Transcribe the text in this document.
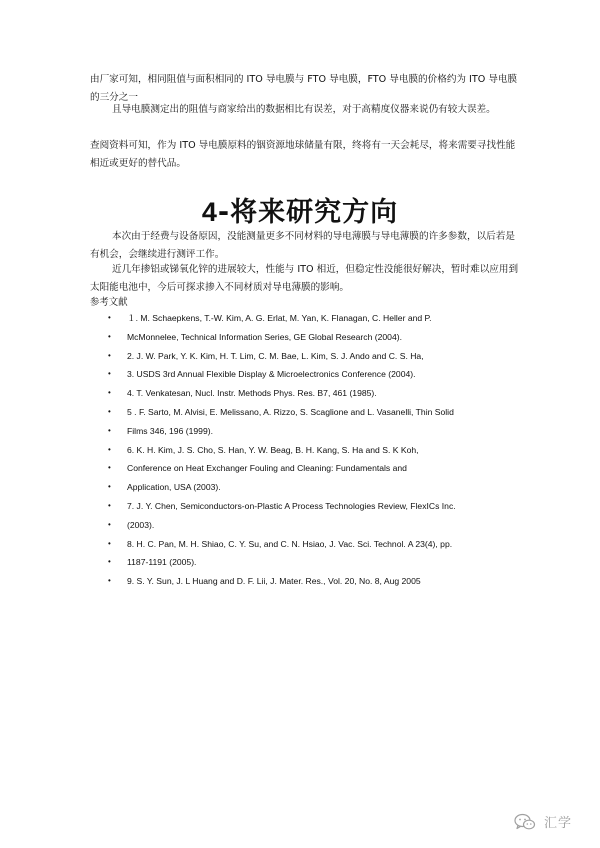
由厂家可知，相同阻值与面积相同的 ITO 导电膜与 FTO 导电膜，FTO 导电膜的价格约为 ITO 导电膜的三分之一

且导电膜测定出的阻值与商家给出的数据相比有误差，对于高精度仪器来说仍有较大误差。

查阅资料可知，作为 ITO 导电膜原料的铟资源地球储量有限，终将有一天会耗尽，将来需要寻找性能相近或更好的替代品。

4-将来研究方向

本次由于经费与设备原因，没能测量更多不同材料的导电薄膜与导电薄膜的许多参数，以后若是有机会，会继续进行测评工作。

近几年掺铝或锑氧化锌的进展较大，性能与 ITO 相近，但稳定性没能很好解决，暂时难以应用到太阳能电池中，今后可探求掺入不同材质对导电薄膜的影响。

参考文献

• １. M. Schaepkens, T.-W. Kim, A. G. Erlat, M. Yan, K. Flanagan, C. Heller and P.
• McMonnelee, Technical Information Series, GE Global Research (2004).
• 2. J. W. Park, Y. K. Kim, H. T. Lim, C. M. Bae, L. Kim, S. J. Ando and C. S. Ha,
• 3. USDS 3rd Annual Flexible Display & Microelectronics Conference (2004).
• 4. T. Venkatesan, Nucl. Instr. Methods Phys. Res. B7, 461 (1985).
• 5 . F. Sarto, M. Alvisi, E. Melissano, A. Rizzo, S. Scaglione and L. Vasanelli, Thin Solid
• Films 346, 196 (1999).
• 6. K. H. Kim, J. S. Cho, S. Han, Y. W. Beag, B. H. Kang, S. Ha and S. K Koh,
• Conference on Heat Exchanger Fouling and Cleaning: Fundamentals and
• Application, USA (2003).
• 7. J. Y. Chen, Semiconductors-on-Plastic A Process Technologies Review, FlexICs Inc.
• (2003).
• 8. H. C. Pan, M. H. Shiao, C. Y. Su, and C. N. Hsiao, J. Vac. Sci. Technol. A 23(4), pp.
• 1187-1191 (2005).
• 9. S. Y. Sun, J. L Huang and D. F. Lii, J. Mater. Res., Vol. 20, No. 8, Aug 2005
汇学
